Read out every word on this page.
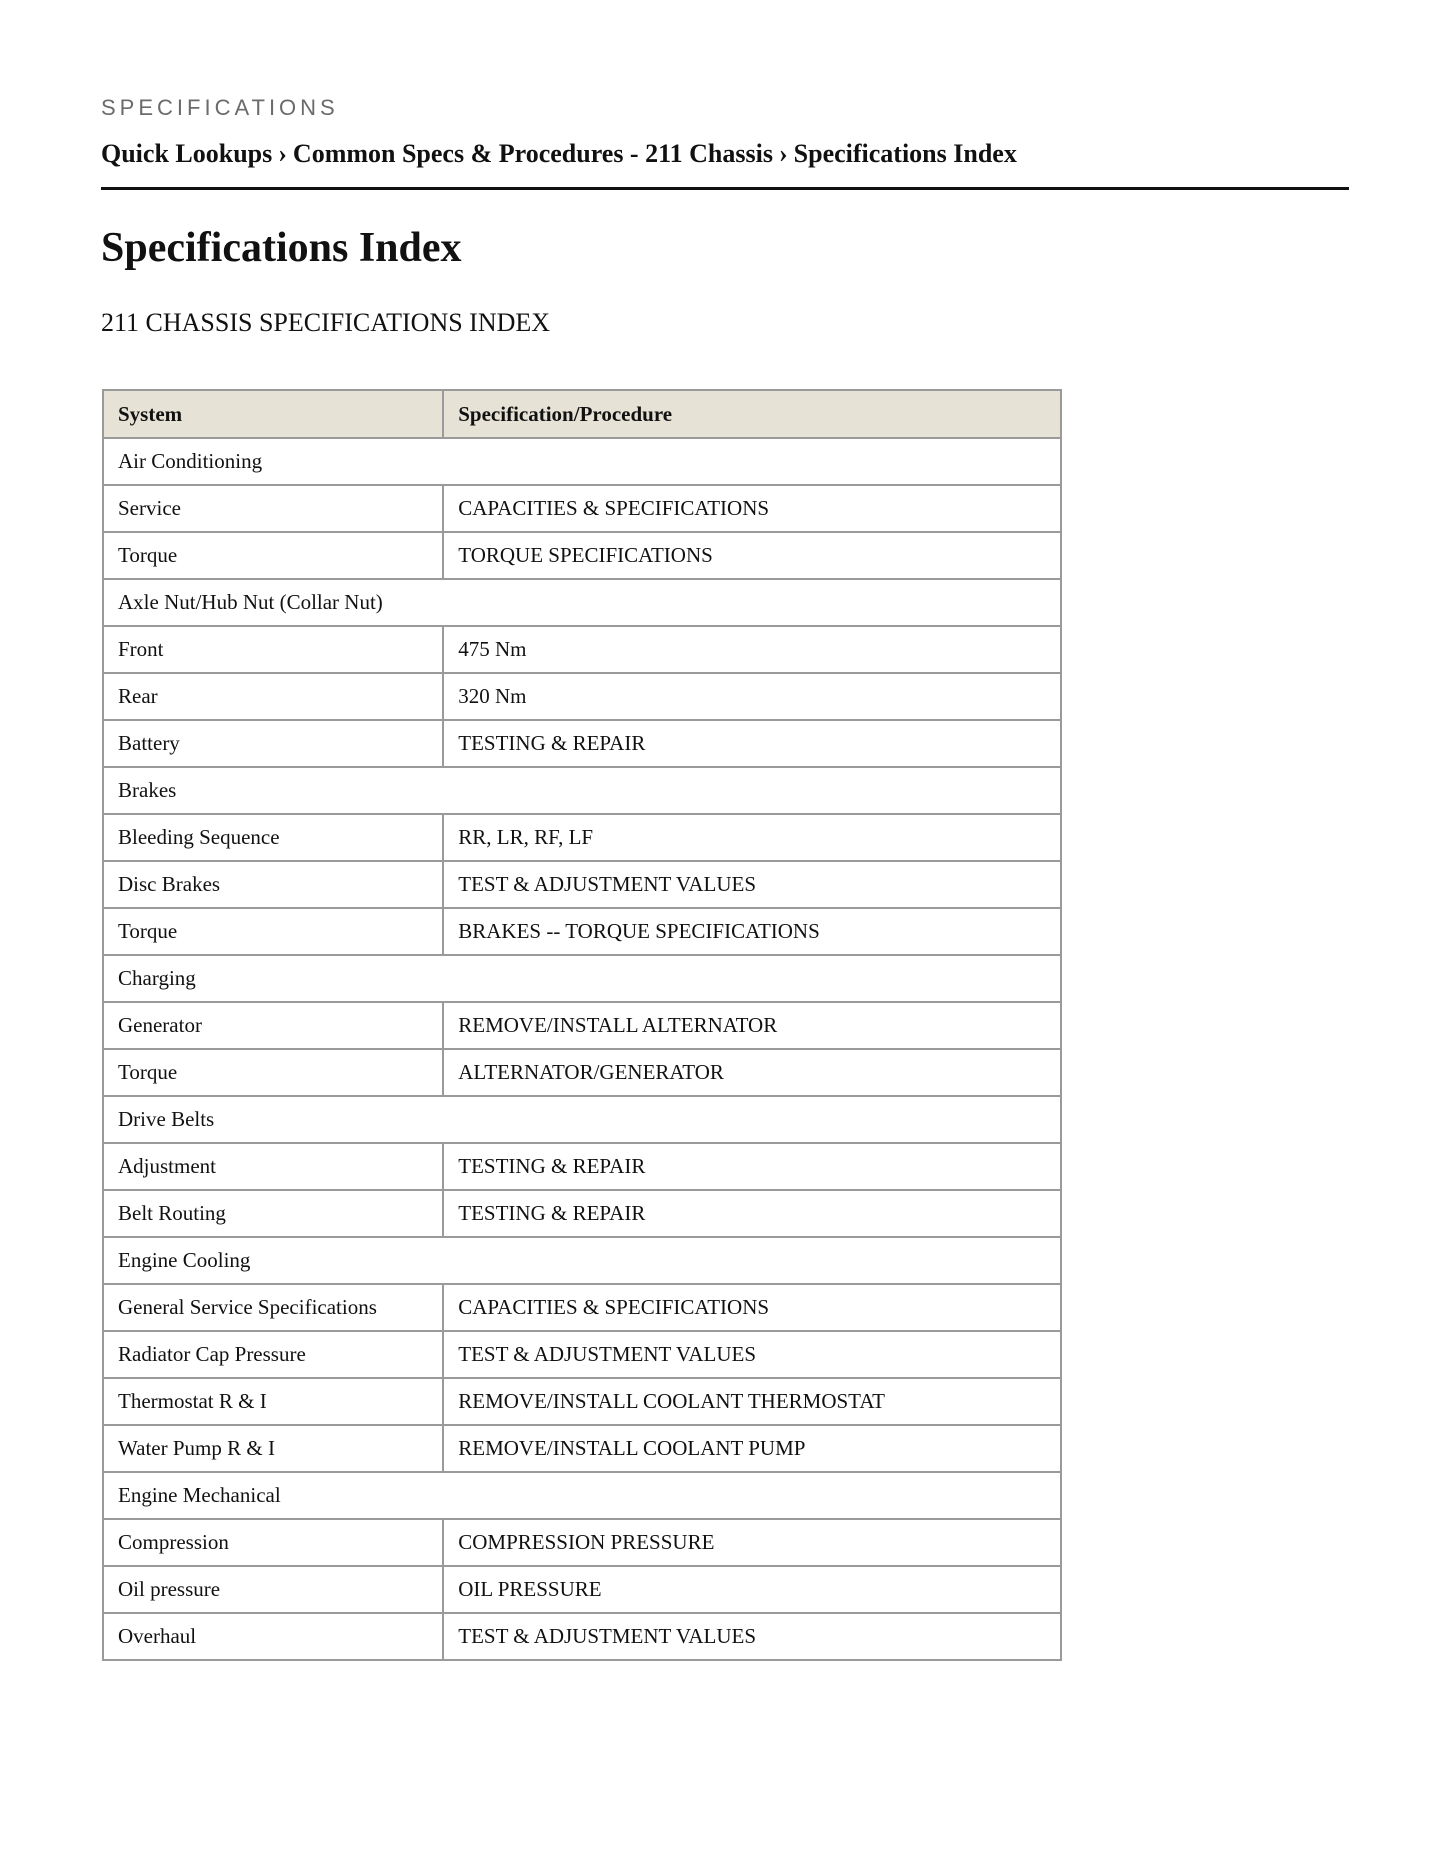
SPECIFICATIONS
Quick Lookups › Common Specs & Procedures - 211 Chassis › Specifications Index
Specifications Index
211 CHASSIS SPECIFICATIONS INDEX
System	Specification/Procedure
Air Conditioning	
Service	CAPACITIES & SPECIFICATIONS
Torque	TORQUE SPECIFICATIONS
Axle Nut/Hub Nut (Collar Nut)	
Front	475 Nm
Rear	320 Nm
Battery	TESTING & REPAIR
Brakes	
Bleeding Sequence	RR, LR, RF, LF
Disc Brakes	TEST & ADJUSTMENT VALUES
Torque	BRAKES -- TORQUE SPECIFICATIONS
Charging	
Generator	REMOVE/INSTALL ALTERNATOR
Torque	ALTERNATOR/GENERATOR
Drive Belts	
Adjustment	TESTING & REPAIR
Belt Routing	TESTING & REPAIR
Engine Cooling	
General Service Specifications	CAPACITIES & SPECIFICATIONS
Radiator Cap Pressure	TEST & ADJUSTMENT VALUES
Thermostat R & I	REMOVE/INSTALL COOLANT THERMOSTAT
Water Pump R & I	REMOVE/INSTALL COOLANT PUMP
Engine Mechanical	
Compression	COMPRESSION PRESSURE
Oil pressure	OIL PRESSURE
Overhaul	TEST & ADJUSTMENT VALUES
